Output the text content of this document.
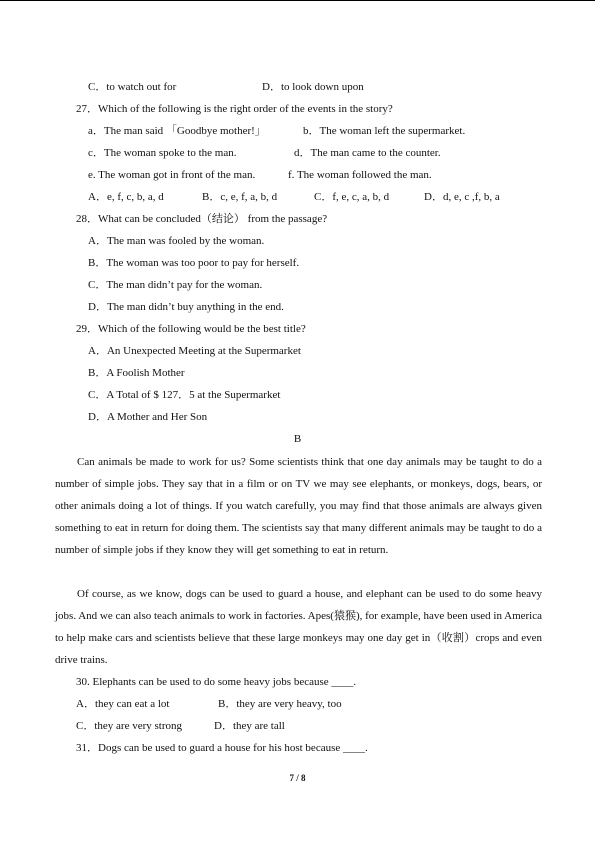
C．to watch out for	D．to look down upon
27．Which of the following is the right order of the events in the story?
a．The man said 「Goodbye mother!」	b．The woman left the supermarket.
c．The woman spoke to the man.	d．The man came to the counter.
e. The woman got in front of the man.	f. The woman followed the man.
A．e, f, c, b, a, d	B．c, e, f, a, b, d	C．f, e, c, a, b, d	D．d, e, c ,f, b, a
28．What can be concluded（结论） from the passage?
A．The man was fooled by the woman.
B．The woman was too poor to pay for herself.
C．The man didn’t pay for the woman.
D．The man didn’t buy anything in the end.
29．Which of the following would be the best title?
A．An Unexpected Meeting at the Supermarket
B．A Foolish Mother
C．A Total of $ 127．5 at the Supermarket
D．A Mother and Her Son
B
Can animals be made to work for us? Some scientists think that one day animals may be taught to do a number of simple jobs. They say that in a film or on TV we may see elephants, or monkeys, dogs, bears, or other animals doing a lot of things. If you watch carefully, you may find that those animals are always given something to eat in return for doing them. The scientists say that many different animals may be taught to do a number of simple jobs if they know they will get something to eat in return.
Of course, as we know, dogs can be used to guard a house, and elephant can be used to do some heavy jobs. And we can also teach animals to work in factories. Apes(猿猴), for example, have been used in America to help make cars and scientists believe that these large monkeys may one day get in（收割）crops and even drive trains.
30. Elephants can be used to do some heavy jobs because ____.
A．they can eat a lot	B．they are very heavy, too
C．they are very strong	D．they are tall
31．Dogs can be used to guard a house for his host because ____.
7 / 8
